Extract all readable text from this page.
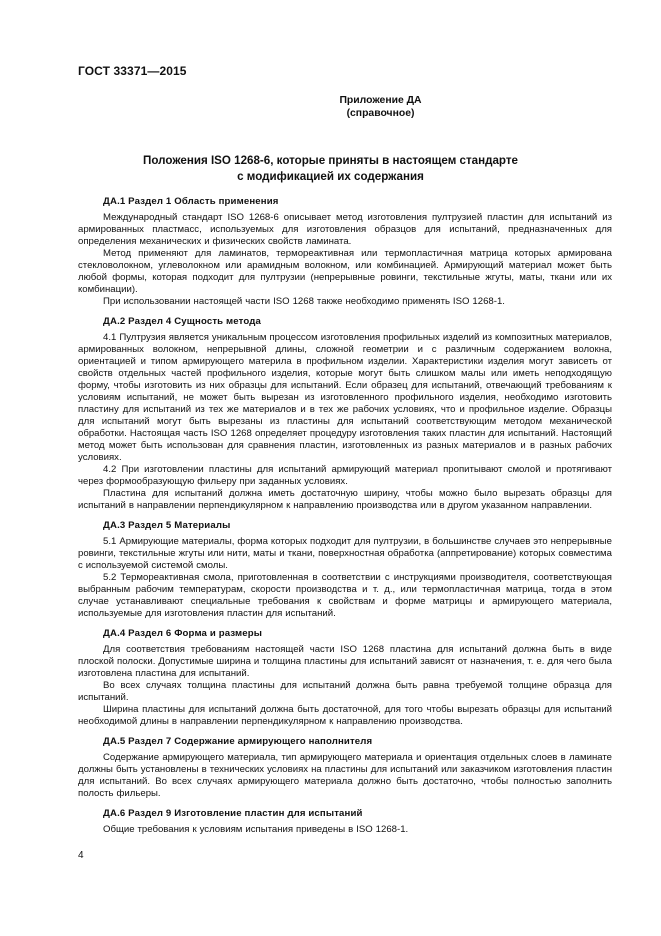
ГОСТ 33371—2015
Приложение ДА
(справочное)
Положения ISO 1268-6, которые приняты в настоящем стандарте
с модификацией их содержания
ДА.1 Раздел 1 Область применения

Международный стандарт ISO 1268-6 описывает метод изготовления пултрузией пластин для испытаний из армированных пластмасс, используемых для изготовления образцов для испытаний, предназначенных для определения механических и физических свойств ламината.

Метод применяют для ламинатов, термореактивная или термопластичная матрица которых армирована стекловолокном, углеволокном или арамидным волокном, или комбинацией. Армирующий материал может быть любой формы, которая подходит для пултрузии (непрерывные ровинги, текстильные жгуты, маты, ткани или их комбинации).

При использовании настоящей части ISO 1268 также необходимо применять ISO 1268-1.

ДА.2 Раздел 4 Сущность метода

4.1 Пултрузия является уникальным процессом изготовления профильных изделий из композитных материалов, армированных волокном, непрерывной длины, сложной геометрии и с различным содержанием волокна, ориентацией и типом армирующего материла в профильном изделии. Характеристики изделия могут зависеть от свойств отдельных частей профильного изделия, которые могут быть слишком малы или иметь неподходящую форму, чтобы изготовить из них образцы для испытаний. Если образец для испытаний, отвечающий требованиям к условиям испытаний, не может быть вырезан из изготовленного профильного изделия, необходимо изготовить пластину для испытаний из тех же материалов и в тех же рабочих условиях, что и профильное изделие. Образцы для испытаний могут быть вырезаны из пластины для испытаний соответствующим методом механической обработки. Настоящая часть ISO 1268 определяет процедуру изготовления таких пластин для испытаний. Настоящий метод может быть использован для сравнения пластин, изготовленных из разных материалов и в разных рабочих условиях.

4.2 При изготовлении пластины для испытаний армирующий материал пропитывают смолой и протягивают через формообразующую фильеру при заданных условиях.

Пластина для испытаний должна иметь достаточную ширину, чтобы можно было вырезать образцы для испытаний в направлении перпендикулярном к направлению производства или в другом указанном направлении.

ДА.3 Раздел 5 Материалы

5.1 Армирующие материалы, форма которых подходит для пултрузии, в большинстве случаев это непрерывные ровинги, текстильные жгуты или нити, маты и ткани, поверхностная обработка (аппретирование) которых совместима с используемой системой смолы.

5.2 Термореактивная смола, приготовленная в соответствии с инструкциями производителя, соответствующая выбранным рабочим температурам, скорости производства и т. д., или термопластичная матрица, тогда в этом случае устанавливают специальные требования к свойствам и форме матрицы и армирующего материала, используемые для изготовления пластин для испытаний.

ДА.4 Раздел 6 Форма и размеры

Для соответствия требованиям настоящей части ISO 1268 пластина для испытаний должна быть в виде плоской полоски. Допустимые ширина и толщина пластины для испытаний зависят от назначения, т. е. для чего была изготовлена пластина для испытаний.

Во всех случаях толщина пластины для испытаний должна быть равна требуемой толщине образца для испытаний.

Ширина пластины для испытаний должна быть достаточной, для того чтобы вырезать образцы для испытаний необходимой длины в направлении перпендикулярном к направлению производства.

ДА.5 Раздел 7 Содержание армирующего наполнителя

Содержание армирующего материала, тип армирующего материала и ориентация отдельных слоев в ламинате должны быть установлены в технических условиях на пластины для испытаний или заказчиком изготовления пластин для испытаний. Во всех случаях армирующего материала должно быть достаточно, чтобы полностью заполнить полость фильеры.

ДА.6 Раздел 9 Изготовление пластин для испытаний

Общие требования к условиям испытания приведены в ISO 1268-1.

4
